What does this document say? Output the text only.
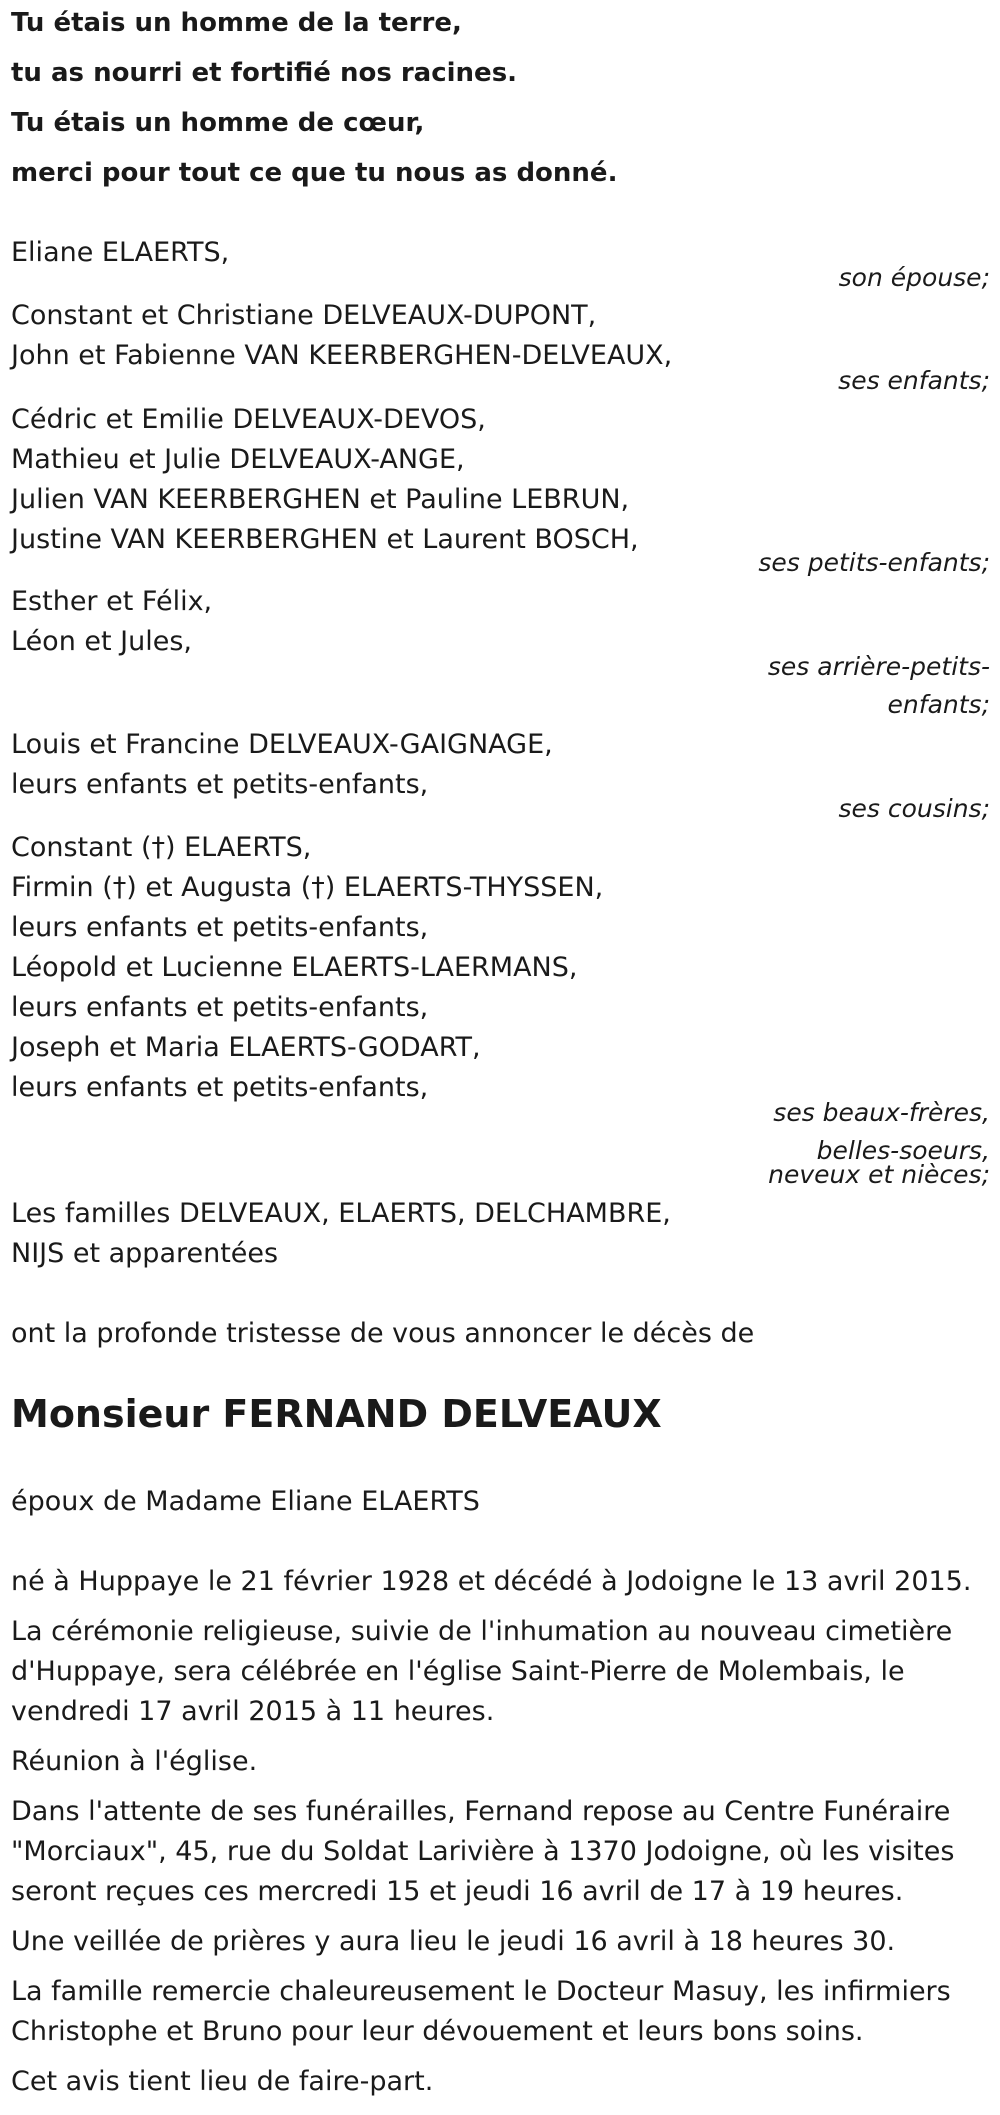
Tu étais un homme de la terre,

tu as nourri et fortifié nos racines.

Tu étais un homme de cœur,

merci pour tout ce que tu nous as donné.

Eliane ELAERTS,

son épouse;

Constant et Christiane DELVEAUX-DUPONT,

John et Fabienne VAN KEERBERGHEN-DELVEAUX,

ses enfants;

Cédric et Emilie DELVEAUX-DEVOS,

Mathieu et Julie DELVEAUX-ANGE,

Julien VAN KEERBERGHEN et Pauline LEBRUN,

Justine VAN KEERBERGHEN et Laurent BOSCH,

ses petits-enfants;

Esther et Félix,

Léon et Jules,

ses arrière-petits-

enfants;

Louis et Francine DELVEAUX-GAIGNAGE,

leurs enfants et petits-enfants,

ses cousins;

Constant (†) ELAERTS,

Firmin (†) et Augusta (†) ELAERTS-THYSSEN,

leurs enfants et petits-enfants,

Léopold et Lucienne ELAERTS-LAERMANS,

leurs enfants et petits-enfants,

Joseph et Maria ELAERTS-GODART,

leurs enfants et petits-enfants,

ses beaux-frères,

belles-soeurs,

neveux et nièces;

Les familles DELVEAUX, ELAERTS, DELCHAMBRE,

NIJS et apparentées

ont la profonde tristesse de vous annoncer le décès de

Monsieur FERNAND DELVEAUX

époux de Madame Eliane ELAERTS

né à Huppaye le 21 février 1928 et décédé à Jodoigne le 13 avril 2015.

La cérémonie religieuse, suivie de l'inhumation au nouveau cimetière

d'Huppaye, sera célébrée en l'église Saint-Pierre de Molembais, le

vendredi 17 avril 2015 à 11 heures.

Réunion à l'église.

Dans l'attente de ses funérailles, Fernand repose au Centre Funéraire

"Morciaux", 45, rue du Soldat Larivière à 1370 Jodoigne, où les visites

seront reçues ces mercredi 15 et jeudi 16 avril de 17 à 19 heures.

Une veillée de prières y aura lieu le jeudi 16 avril à 18 heures 30.

La famille remercie chaleureusement le Docteur Masuy, les infirmiers

Christophe et Bruno pour leur dévouement et leurs bons soins.

Cet avis tient lieu de faire-part.
